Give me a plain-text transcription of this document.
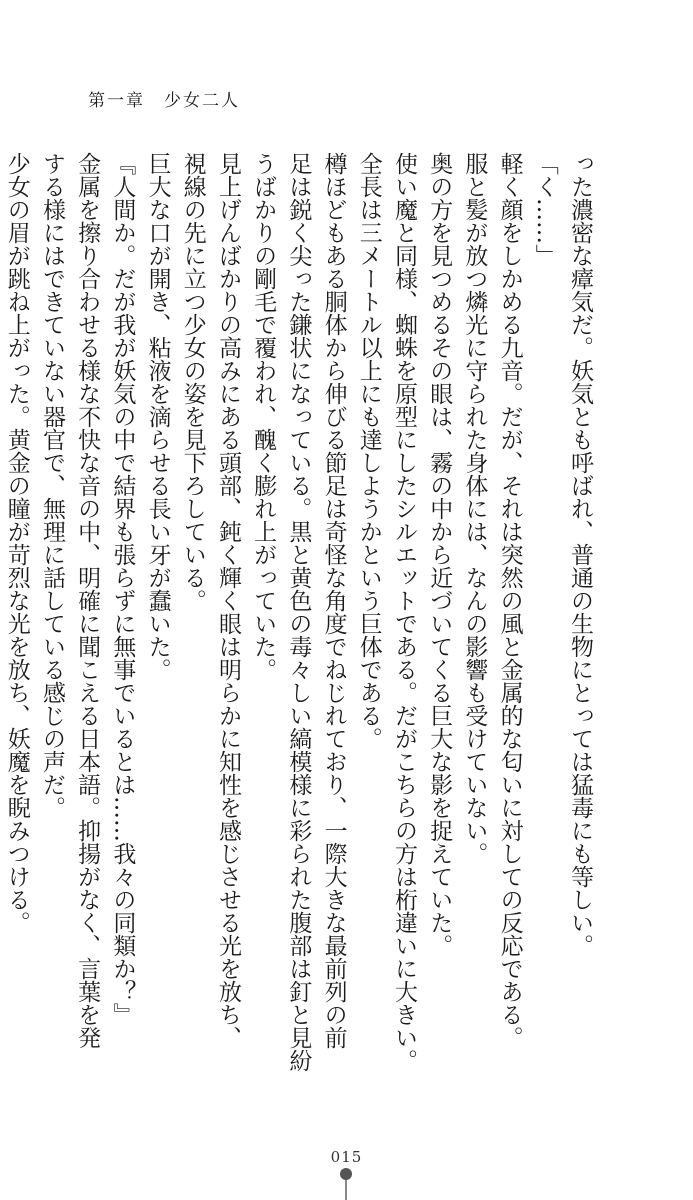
第一章　少女二人
った濃密な瘴気だ。妖気とも呼ばれ、普通の生物にとっては猛毒にも等しい。
「く……」
軽く顔をしかめる九音。だが、それは突然の風と金属的な匂いに対しての反応である。
服と髪が放つ燐光に守られた身体には、なんの影響も受けていない。
奥の方を見つめるその眼は、霧の中から近づいてくる巨大な影を捉えていた。
使い魔と同様、蜘蛛を原型にしたシルエットである。だがこちらの方は桁違いに大きい。
全長は三メートル以上にも達しようかという巨体である。
樽ほどもある胴体から伸びる節足は奇怪な角度でねじれており、一際大きな最前列の前
足は鋭く尖った鎌状になっている。黒と黄色の毒々しい縞模様に彩られた腹部は釘と見紛
うばかりの剛毛で覆われ、醜く膨れ上がっていた。
見上げんばかりの高みにある頭部、鈍く輝く眼は明らかに知性を感じさせる光を放ち、
視線の先に立つ少女の姿を見下ろしている。
巨大な口が開き、粘液を滴らせる長い牙が蠢いた。
『人間か。だが我が妖気の中で結界も張らずに無事でいるとは……我々の同類か？』
金属を擦り合わせる様な不快な音の中、明確に聞こえる日本語。抑揚がなく、言葉を発
する様にはできていない器官で、無理に話している感じの声だ。
少女の眉が跳ね上がった。黄金の瞳が苛烈な光を放ち、妖魔を睨みつける。
015
